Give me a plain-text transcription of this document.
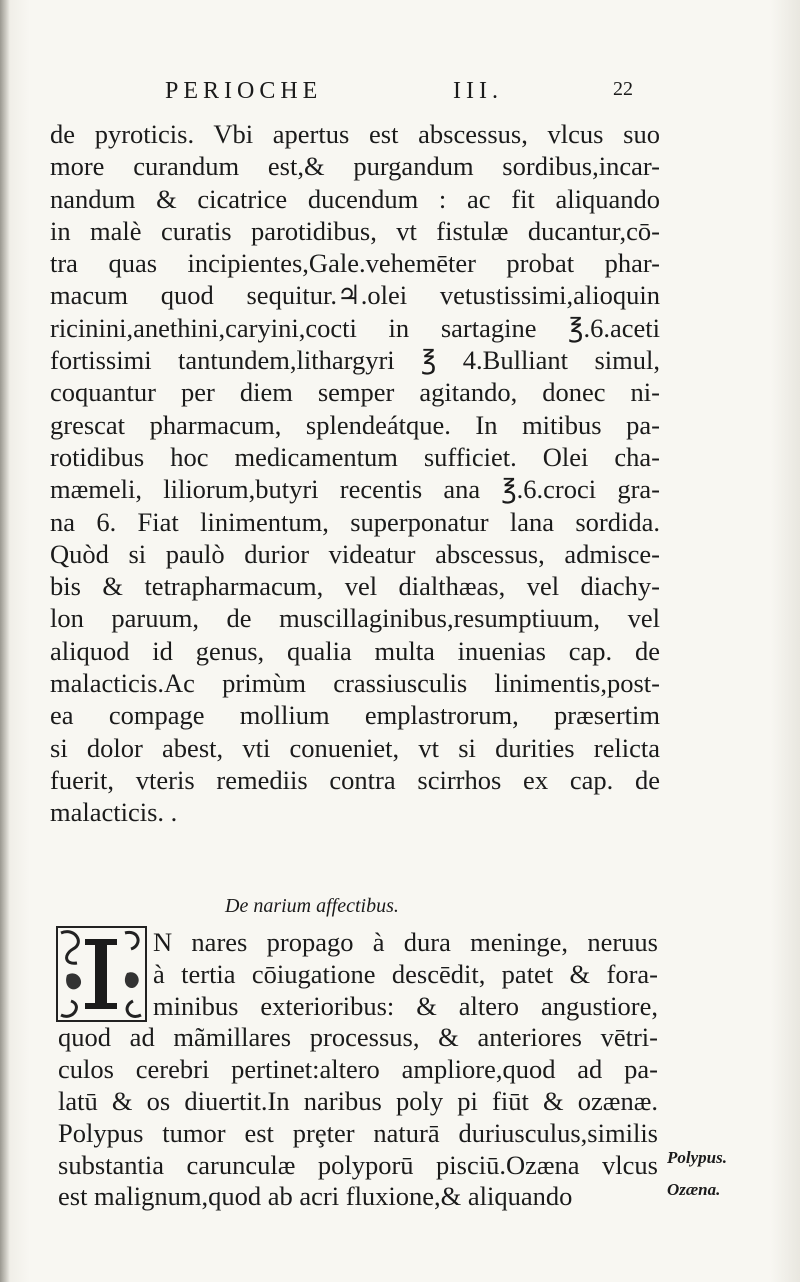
PERIOCHE	III.	22
de pyroticis. Vbi apertus est abscessus, vlcus suo
more curandum est,& purgandum sordibus,incar-
nandum & cicatrice ducendum : ac fit aliquando
in malè curatis parotidibus, vt fistulæ ducantur,cō-
tra quas incipientes,Gale.vehemēter probat phar-
macum quod sequitur.♃.olei vetustissimi,alioquin
ricinini,anethini,caryini,cocti in sartagine ℥.6.aceti
fortissimi tantundem,lithargyri ℥ 4.Bulliant simul,
coquantur per diem semper agitando, donec ni-
grescat pharmacum, splendeátque. In mitibus pa-
rotidibus hoc medicamentum sufficiet. Olei cha-
mæmeli, liliorum,butyri recentis ana ℥.6.croci gra-
na 6. Fiat linimentum, superponatur lana sordida.
Quòd si paulò durior videatur abscessus, admisce-
bis & tetrapharmacum, vel dialthæas, vel diachy-
lon paruum, de muscillaginibus,resumptiuum, vel
aliquod id genus, qualia multa inuenias cap. de
malacticis.Ac primùm crassiusculis linimentis,post-
ea compage mollium emplastrorum, præsertim
si dolor abest, vti conueniet, vt si durities relicta
fuerit, vteris remediis contra scirrhos ex cap. de
malacticis. .
De narium affectibus.
N nares propago à dura meninge, neruus
à tertia cōiugatione descēdit, patet & fora-
minibus exterioribus: & altero angustiore,
quod ad mãmillares processus, & anteriores vētri-
culos cerebri pertinet:altero ampliore,quod ad pa-
latū & os diuertit.In naribus poly pi fiūt & ozænæ.
Polypus tumor est prȩter naturā duriusculus,similis
substantia carunculæ polyporū pisciū.Ozæna vlcus
est malignum,quod ab acri fluxione,& aliquando
Polypus.
Ozæna.
